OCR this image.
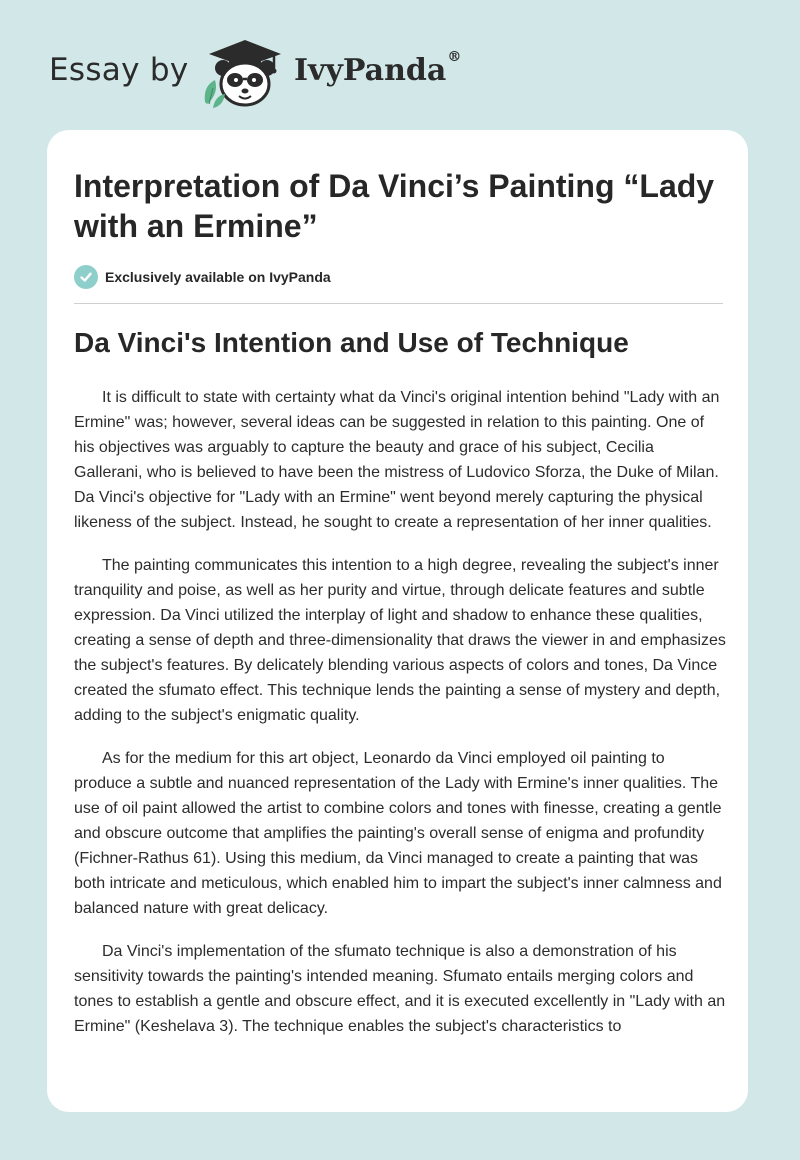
Essay by	IvyPanda®
Interpretation of Da Vinci’s Painting “Lady with an Ermine”
Exclusively available on IvyPanda
Da Vinci's Intention and Use of Technique

It is difficult to state with certainty what da Vinci's original intention behind "Lady with an Ermine" was; however, several ideas can be suggested in relation to this painting. One of his objectives was arguably to capture the beauty and grace of his subject, Cecilia Gallerani, who is believed to have been the mistress of Ludovico Sforza, the Duke of Milan. Da Vinci's objective for "Lady with an Ermine" went beyond merely capturing the physical likeness of the subject. Instead, he sought to create a representation of her inner qualities.

The painting communicates this intention to a high degree, revealing the subject's inner tranquility and poise, as well as her purity and virtue, through delicate features and subtle expression. Da Vinci utilized the interplay of light and shadow to enhance these qualities, creating a sense of depth and three-dimensionality that draws the viewer in and emphasizes the subject's features. By delicately blending various aspects of colors and tones, Da Vince created the sfumato effect. This technique lends the painting a sense of mystery and depth, adding to the subject's enigmatic quality.

As for the medium for this art object, Leonardo da Vinci employed oil painting to produce a subtle and nuanced representation of the Lady with Ermine's inner qualities. The use of oil paint allowed the artist to combine colors and tones with finesse, creating a gentle and obscure outcome that amplifies the painting's overall sense of enigma and profundity (Fichner-Rathus 61). Using this medium, da Vinci managed to create a painting that was both intricate and meticulous, which enabled him to impart the subject's inner calmness and balanced nature with great delicacy.

Da Vinci's implementation of the sfumato technique is also a demonstration of his sensitivity towards the painting's intended meaning. Sfumato entails merging colors and tones to establish a gentle and obscure effect, and it is executed excellently in "Lady with an Ermine" (Keshelava 3). The technique enables the subject's characteristics to
